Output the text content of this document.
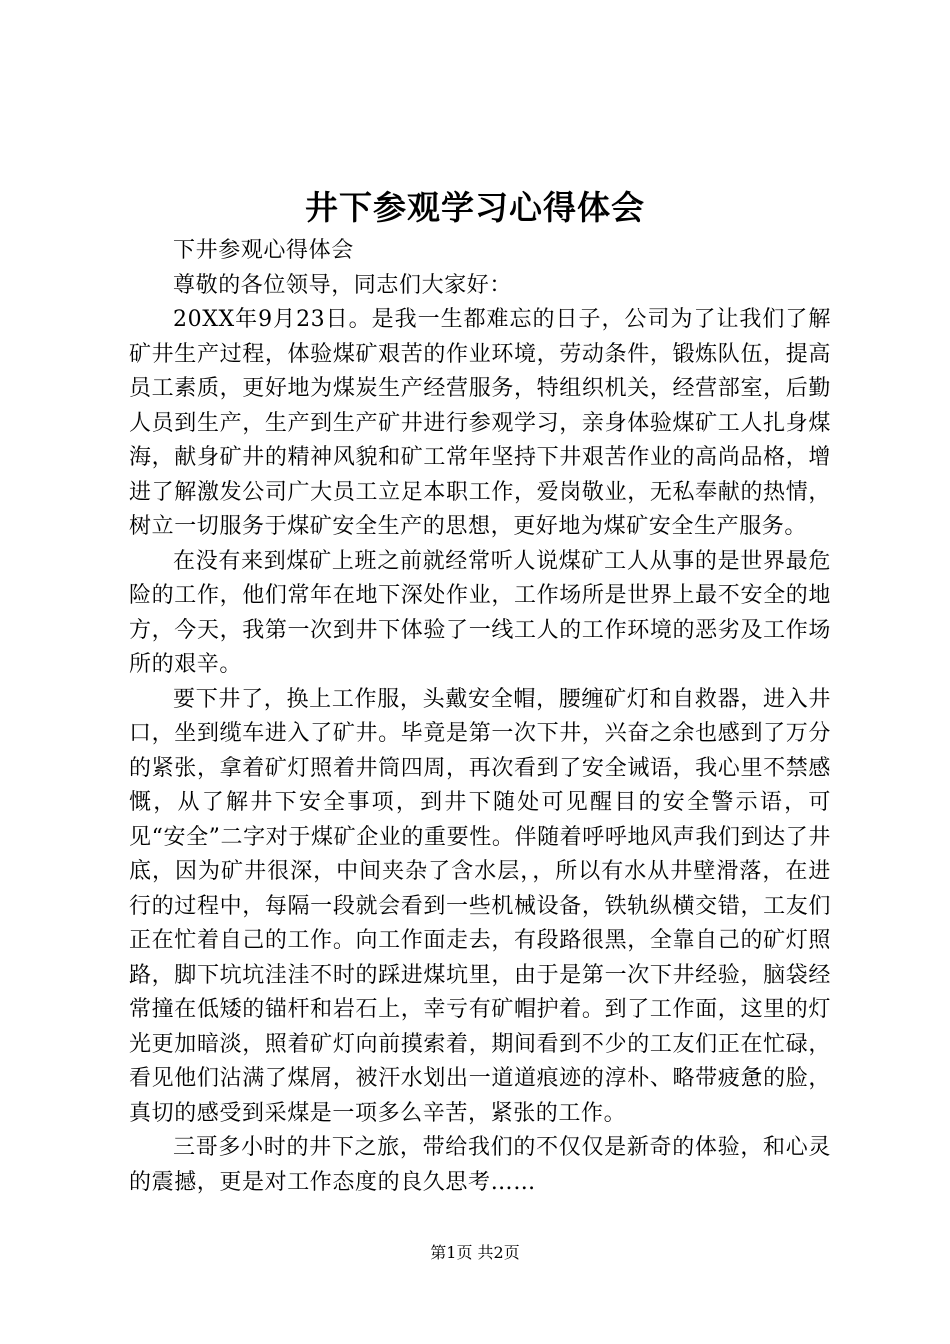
井下参观学习心得体会

下井参观心得体会

尊敬的各位领导，同志们大家好：

20XX年9月23日。是我一生都难忘的日子，公司为了让我们了解矿井生产过程，体验煤矿艰苦的作业环境，劳动条件，锻炼队伍，提高员工素质，更好地为煤炭生产经营服务，特组织机关，经营部室，后勤人员到生产，生产到生产矿井进行参观学习，亲身体验煤矿工人扎身煤海，献身矿井的精神风貌和矿工常年坚持下井艰苦作业的高尚品格，增进了解激发公司广大员工立足本职工作，爱岗敬业，无私奉献的热情，树立一切服务于煤矿安全生产的思想，更好地为煤矿安全生产服务。

在没有来到煤矿上班之前就经常听人说煤矿工人从事的是世界最危险的工作，他们常年在地下深处作业，工作场所是世界上最不安全的地方，今天，我第一次到井下体验了一线工人的工作环境的恶劣及工作场所的艰辛。

要下井了，换上工作服，头戴安全帽，腰缠矿灯和自救器，进入井口，坐到缆车进入了矿井。毕竟是第一次下井，兴奋之余也感到了万分的紧张，拿着矿灯照着井筒四周，再次看到了安全诫语，我心里不禁感慨，从了解井下安全事项，到井下随处可见醒目的安全警示语，可见“安全”二字对于煤矿企业的重要性。伴随着呼呼地风声我们到达了井底，因为矿井很深，中间夹杂了含水层，，所以有水从井壁滑落，在进行的过程中，每隔一段就会看到一些机械设备，铁轨纵横交错，工友们正在忙着自己的工作。向工作面走去，有段路很黑，全靠自己的矿灯照路，脚下坑坑洼洼不时的踩进煤坑里，由于是第一次下井经验，脑袋经常撞在低矮的锚杆和岩石上，幸亏有矿帽护着。到了工作面，这里的灯光更加暗淡，照着矿灯向前摸索着，期间看到不少的工友们正在忙碌，看见他们沾满了煤屑，被汗水划出一道道痕迹的淳朴、略带疲惫的脸，真切的感受到采煤是一项多么辛苦，紧张的工作。

三哥多小时的井下之旅，带给我们的不仅仅是新奇的体验，和心灵的震撼，更是对工作态度的良久思考……

第1页 共2页
